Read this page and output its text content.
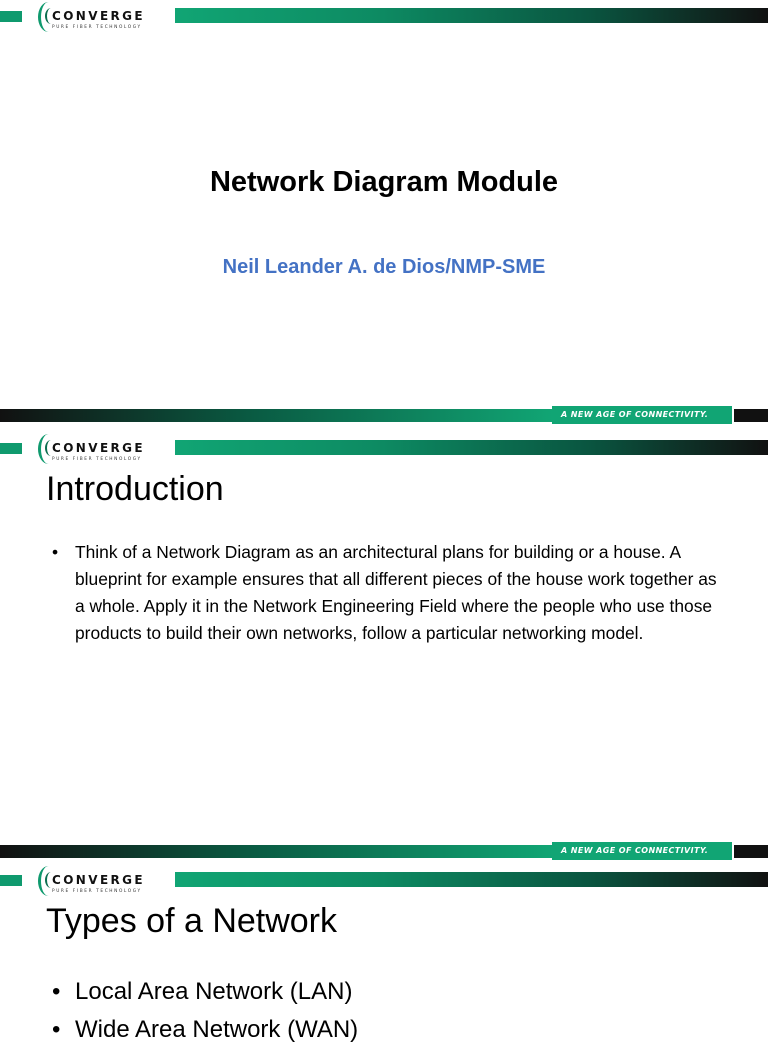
CONVERGE
PURE FIBER TECHNOLOGY
Network Diagram Module
Neil Leander A. de Dios/NMP-SME
A NEW AGE OF CONNECTIVITY.
CONVERGE
PURE FIBER TECHNOLOGY
Introduction
• Think of a Network Diagram as an architectural plans for building or a house. A blueprint for example ensures that all different pieces of the house work together as a whole. Apply it in the Network Engineering Field where the people who use those products to build their own networks, follow a particular networking model.
A NEW AGE OF CONNECTIVITY.
CONVERGE
PURE FIBER TECHNOLOGY
Types of a Network
• Local Area Network (LAN)
• Wide Area Network (WAN)
